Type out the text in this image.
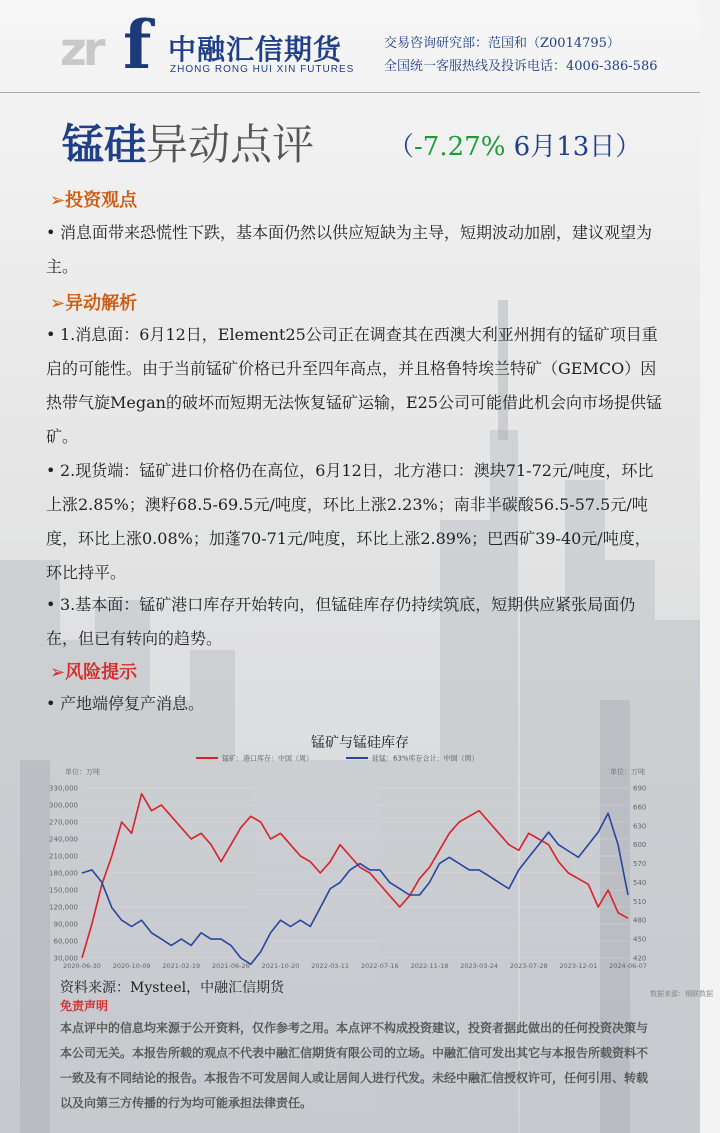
zr f 中融汇信期货
ZHONG RONG HUI XIN FUTURES
交易咨询研究部：范国和（Z0014795）
全国统一客服热线及投诉电话：4006-386-586
锰硅异动点评	（-7.27% 6月13日）
➢投资观点
• 消息面带来恐慌性下跌，基本面仍然以供应短缺为主导，短期波动加剧，建议观望为主。
➢异动解析
• 1.消息面：6月12日，Element25公司正在调查其在西澳大利亚州拥有的锰矿项目重启的可能性。由于当前锰矿价格已升至四年高点，并且格鲁特埃兰特矿（GEMCO）因热带气旋Megan的破坏而短期无法恢复锰矿运输，E25公司可能借此机会向市场提供锰矿。
• 2.现货端：锰矿进口价格仍在高位，6月12日，北方港口：澳块71-72元/吨度，环比上涨2.85%；澳籽68.5-69.5元/吨度，环比上涨2.23%；南非半碳酸56.5-57.5元/吨度，环比上涨0.08%；加蓬70-71元/吨度，环比上涨2.89%；巴西矿39-40元/吨度，环比持平。
• 3.基本面：锰矿港口库存开始转向，但锰硅库存仍持续筑底，短期供应紧张局面仍在，但已有转向的趋势。
➢风险提示
• 产地端停复产消息。
锰矿与锰硅库存
锰矿：港口库存：中国（周）	硅锰：63%库存合计：中国（周）
单位：万吨	单位：万吨
30,000
60,000
90,000
120,000
150,000
180,000
210,000
240,000
270,000
300,000
330,000
420
450
480
510
540
570
600
630
660
690
2020-06-30 2020-10-09 2021-02-19 2021-06-26 2021-10-20 2022-03-11 2022-07-16 2022-11-18 2023-03-24 2023-07-28 2023-12-01 2024-06-07
数据来源：钢联数据
资料来源：Mysteel，中融汇信期货
免责声明
本点评中的信息均来源于公开资料，仅作参考之用。本点评不构成投资建议，投资者据此做出的任何投资决策与本公司无关。本报告所载的观点不代表中融汇信期货有限公司的立场。中融汇信可发出其它与本报告所载资料不一致及有不同结论的报告。本报告不可发居间人或让居间人进行代发。未经中融汇信授权许可，任何引用、转载以及向第三方传播的行为均可能承担法律责任。
